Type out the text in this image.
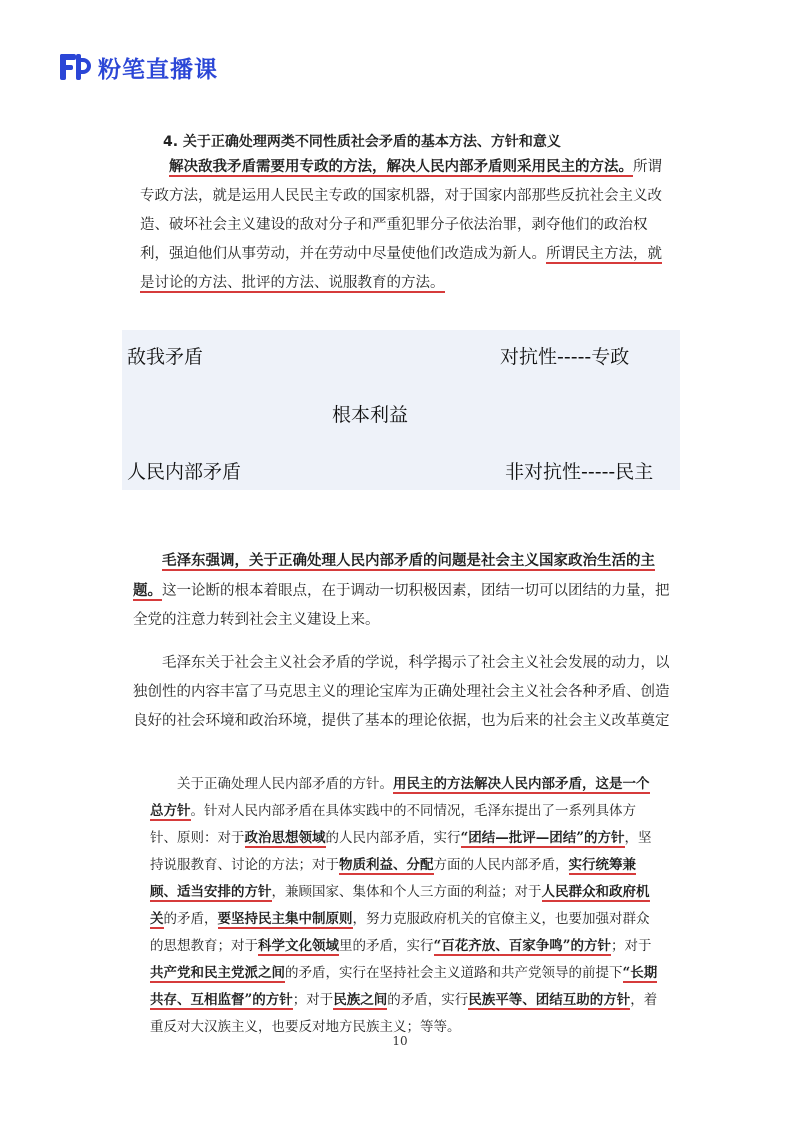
粉笔直播课
4. 关于正确处理两类不同性质社会矛盾的基本方法、方针和意义

解决敌我矛盾需要用专政的方法，解决人民内部矛盾则采用民主的方法。所谓专政方法，就是运用人民民主专政的国家机器，对于国家内部那些反抗社会主义改造、破坏社会主义建设的敌对分子和严重犯罪分子依法治罪，剥夺他们的政治权利，强迫他们从事劳动，并在劳动中尽量使他们改造成为新人。所谓民主方法，就是讨论的方法、批评的方法、说服教育的方法。

敌我矛盾	对抗性-----专政
根本利益
人民内部矛盾	非对抗性-----民主

毛泽东强调，关于正确处理人民内部矛盾的问题是社会主义国家政治生活的主题。这一论断的根本着眼点，在于调动一切积极因素，团结一切可以团结的力量，把全党的注意力转到社会主义建设上来。

毛泽东关于社会主义社会矛盾的学说，科学揭示了社会主义社会发展的动力，以独创性的内容丰富了马克思主义的理论宝库为正确处理社会主义社会各种矛盾、创造良好的社会环境和政治环境，提供了基本的理论依据，也为后来的社会主义改革奠定

关于正确处理人民内部矛盾的方针。用民主的方法解决人民内部矛盾，这是一个总方针。针对人民内部矛盾在具体实践中的不同情况，毛泽东提出了一系列具体方针、原则：对于政治思想领域的人民内部矛盾，实行“团结—批评—团结”的方针，坚持说服教育、讨论的方法；对于物质利益、分配方面的人民内部矛盾，实行统筹兼顾、适当安排的方针，兼顾国家、集体和个人三方面的利益；对于人民群众和政府机关的矛盾，要坚持民主集中制原则，努力克服政府机关的官僚主义，也要加强对群众的思想教育；对于科学文化领域里的矛盾，实行“百花齐放、百家争鸣”的方针；对于共产党和民主党派之间的矛盾，实行在坚持社会主义道路和共产党领导的前提下“长期共存、互相监督”的方针；对于民族之间的矛盾，实行民族平等、团结互助的方针，着重反对大汉族主义，也要反对地方民族主义；等等。

10
